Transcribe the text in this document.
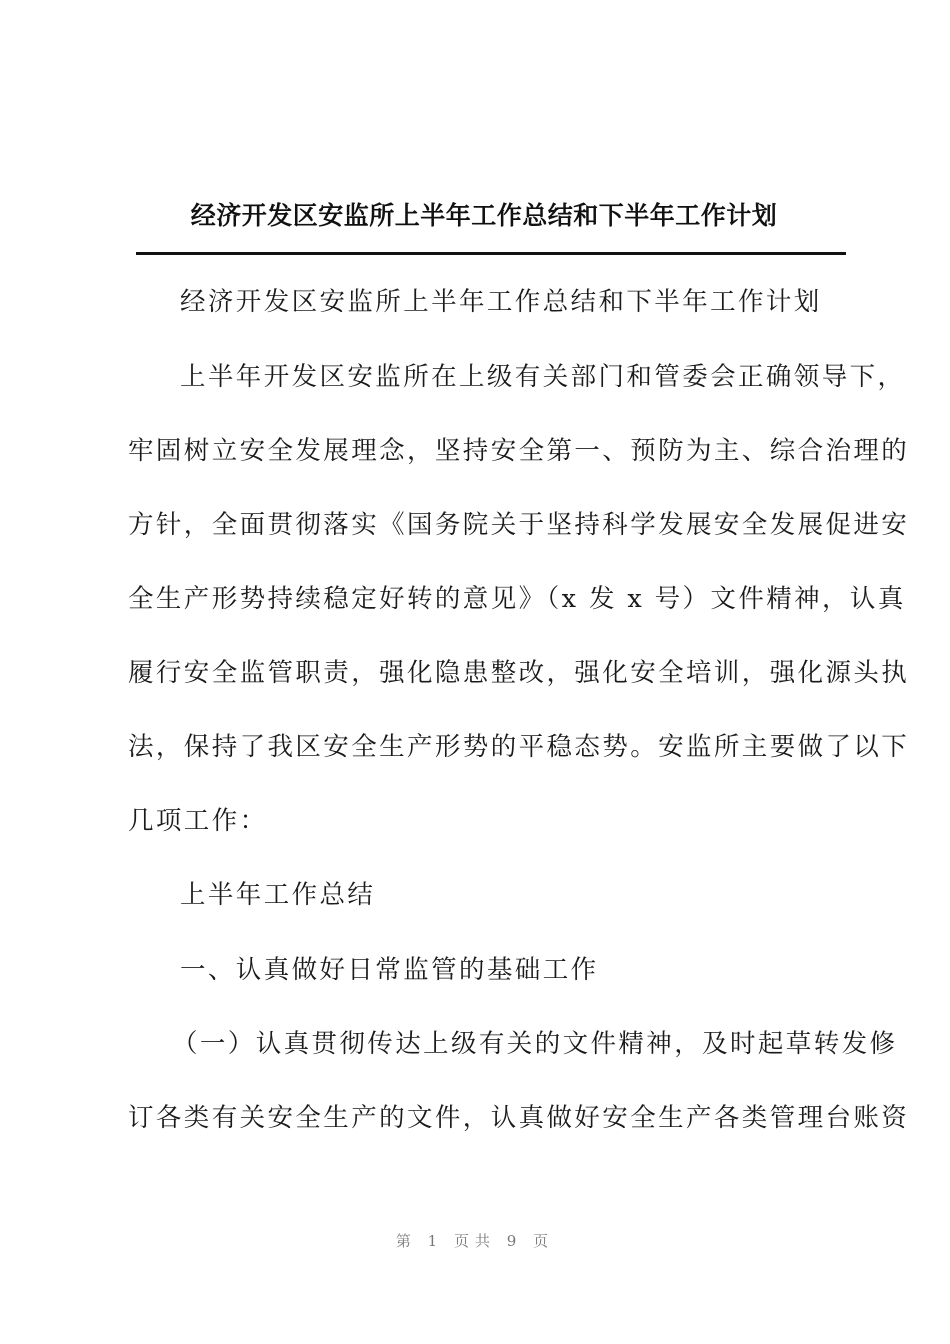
经济开发区安监所上半年工作总结和下半年工作计划
经济开发区安监所上半年工作总结和下半年工作计划
上半年开发区安监所在上级有关部门和管委会正确领导下，
牢固树立安全发展理念，坚持安全第一、预防为主、综合治理的
方针，全面贯彻落实《国务院关于坚持科学发展安全发展促进安
全生产形势持续稳定好转的意见》（x 发 x 号）文件精神，认真
履行安全监管职责，强化隐患整改，强化安全培训，强化源头执
法，保持了我区安全生产形势的平稳态势。安监所主要做了以下
几项工作：
上半年工作总结
一、认真做好日常监管的基础工作
（一）认真贯彻传达上级有关的文件精神，及时起草转发修
订各类有关安全生产的文件，认真做好安全生产各类管理台账资
第 1 页共 9 页
